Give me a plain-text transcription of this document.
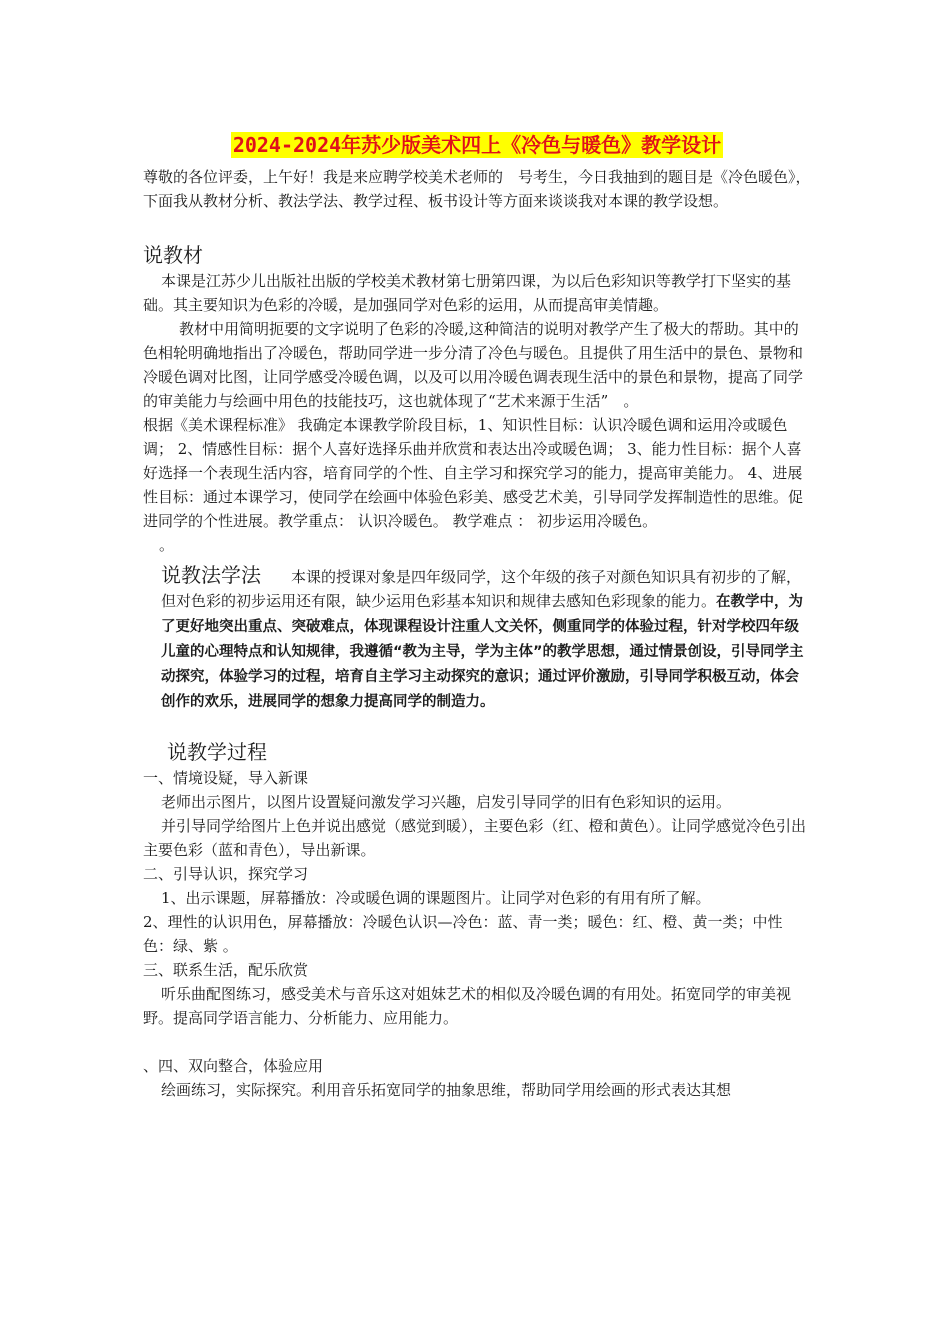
2024-2024年苏少版美术四上《冷色与暖色》教学设计

尊敬的各位评委，上午好！我是来应聘学校美术老师的　号考生，今日我抽到的题目是《冷色暖色》，下面我从教材分析、教法学法、教学过程、板书设计等方面来谈谈我对本课的教学设想。

说教材

本课是江苏少儿出版社出版的学校美术教材第七册第四课，为以后色彩知识等教学打下坚实的基础。其主要知识为色彩的冷暖，是加强同学对色彩的运用，从而提高审美情趣。

教材中用简明扼要的文字说明了色彩的冷暖,这种简洁的说明对教学产生了极大的帮助。其中的色相轮明确地指出了冷暖色，帮助同学进一步分清了冷色与暖色。且提供了用生活中的景色、景物和冷暖色调对比图，让同学感受冷暖色调，以及可以用冷暖色调表现生活中的景色和景物，提高了同学的审美能力与绘画中用色的技能技巧，这也就体现了“艺术来源于生活”　。

根据《美术课程标准》 我确定本课教学阶段目标，1、知识性目标：认识冷暖色调和运用冷或暖色调； 2、情感性目标：据个人喜好选择乐曲并欣赏和表达出冷或暖色调； 3、能力性目标：据个人喜好选择一个表现生活内容，培育同学的个性、自主学习和探究学习的能力，提高审美能力。 4、进展性目标：通过本课学习，使同学在绘画中体验色彩美、感受艺术美，引导同学发挥制造性的思维。促进同学的个性进展。教学重点： 认识冷暖色。 教学难点 ： 初步运用冷暖色。

。

说教法学法　　 本课的授课对象是四年级同学，这个年级的孩子对颜色知识具有初步的了解，但对色彩的初步运用还有限，缺少运用色彩基本知识和规律去感知色彩现象的能力。在教学中，为了更好地突出重点、突破难点，体现课程设计注重人文关怀，侧重同学的体验过程，针对学校四年级儿童的心理特点和认知规律，我遵循“教为主导，学为主体”的教学思想，通过情景创设，引导同学主动探究，体验学习的过程，培育自主学习主动探究的意识；通过评价激励，引导同学积极互动，体会创作的欢乐，进展同学的想象力提高同学的制造力。

说教学过程

一、情境设疑，导入新课

老师出示图片，以图片设置疑问激发学习兴趣，启发引导同学的旧有色彩知识的运用。

并引导同学给图片上色并说出感觉（感觉到暖），主要色彩（红、橙和黄色）。让同学感觉冷色引出主要色彩（蓝和青色），导出新课。

二、引导认识，探究学习

1、出示课题，屏幕播放：冷或暖色调的课题图片。让同学对色彩的有用有所了解。

2、理性的认识用色，屏幕播放：冷暖色认识—冷色：蓝、青一类；暖色：红、橙、黄一类；中性色：绿、紫 。

三、联系生活，配乐欣赏

听乐曲配图练习，感受美术与音乐这对姐妹艺术的相似及冷暖色调的有用处。拓宽同学的审美视野。提高同学语言能力、分析能力、应用能力。

、四、双向整合，体验应用

绘画练习，实际探究。利用音乐拓宽同学的抽象思维，帮助同学用绘画的形式表达其想
